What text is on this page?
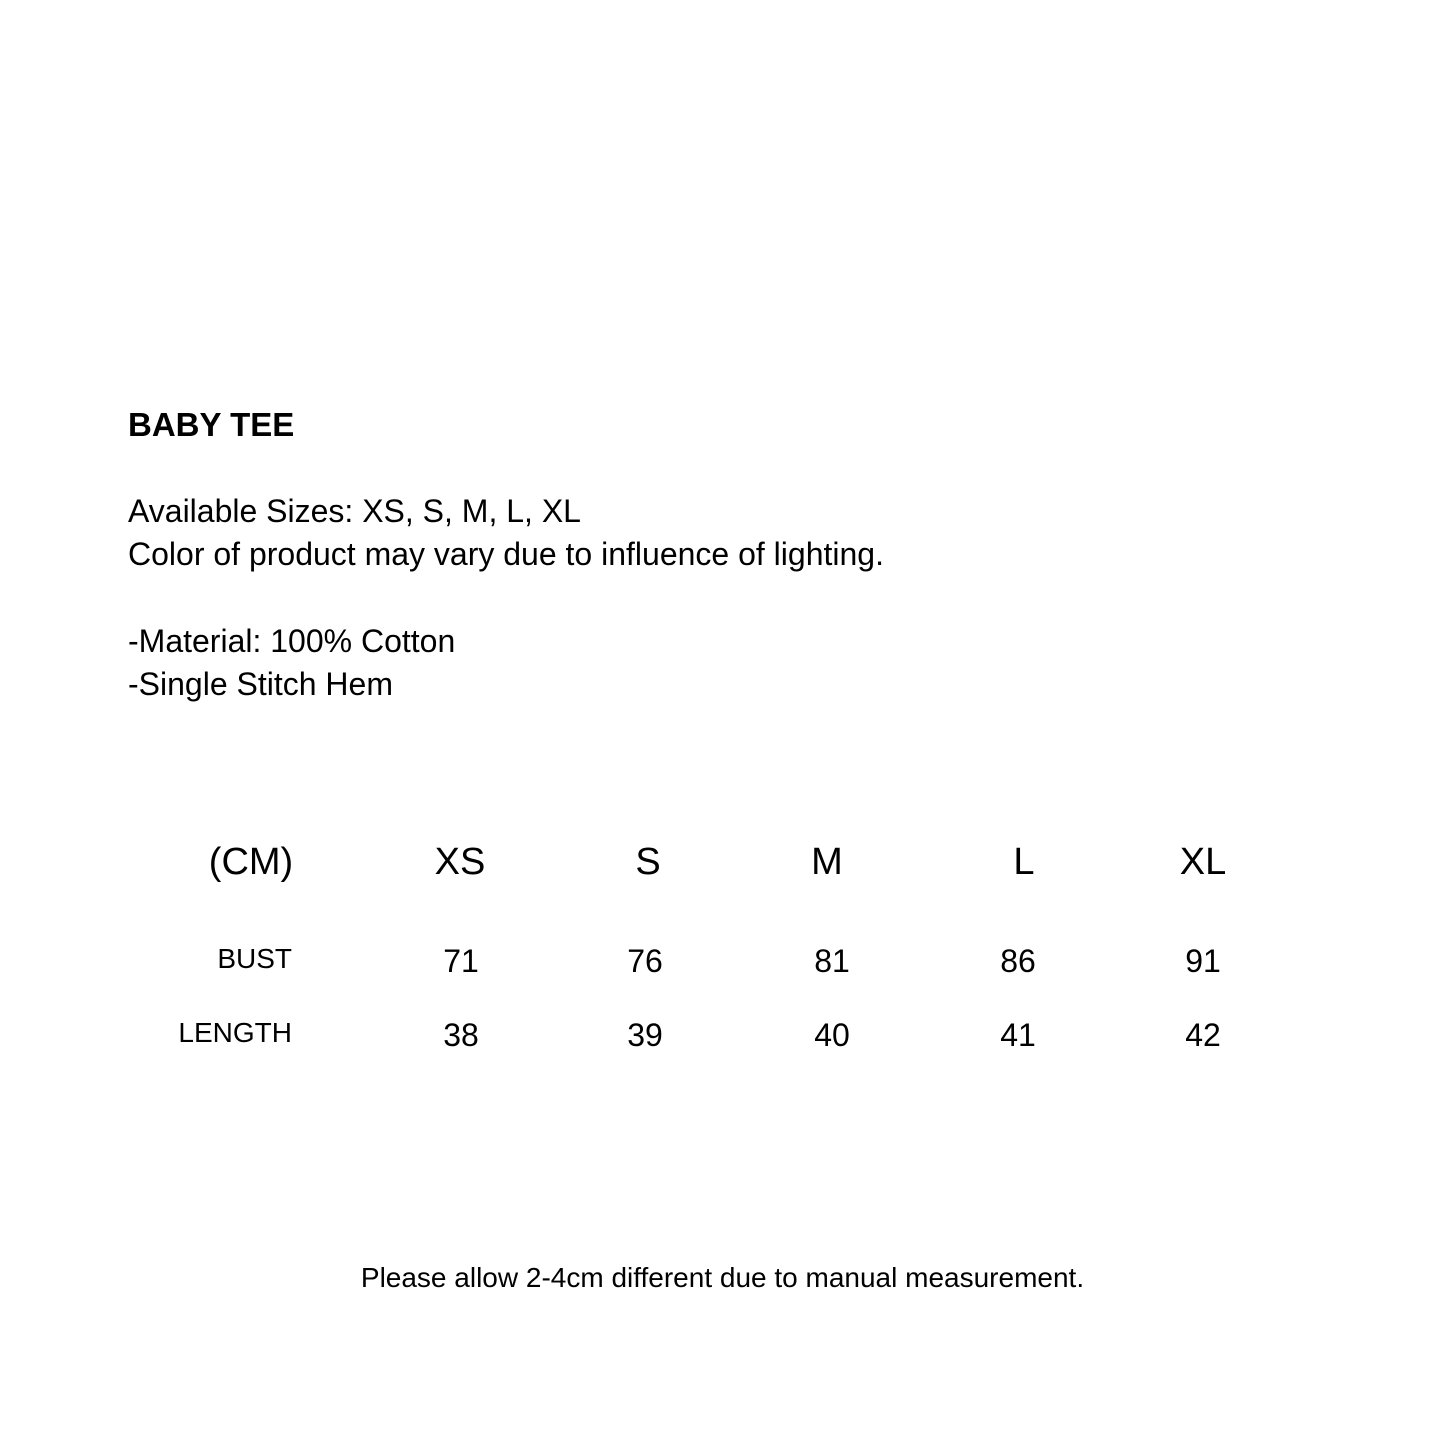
BABY TEE

Available Sizes: XS, S, M, L, XL

Color of product may vary due to influence of lighting.

-Material: 100% Cotton

-Single Stitch Hem

(CM)	XS	S	M	L	XL
BUST	71	76	81	86	91
LENGTH	38	39	40	41	42

Please allow 2-4cm different due to manual measurement.
